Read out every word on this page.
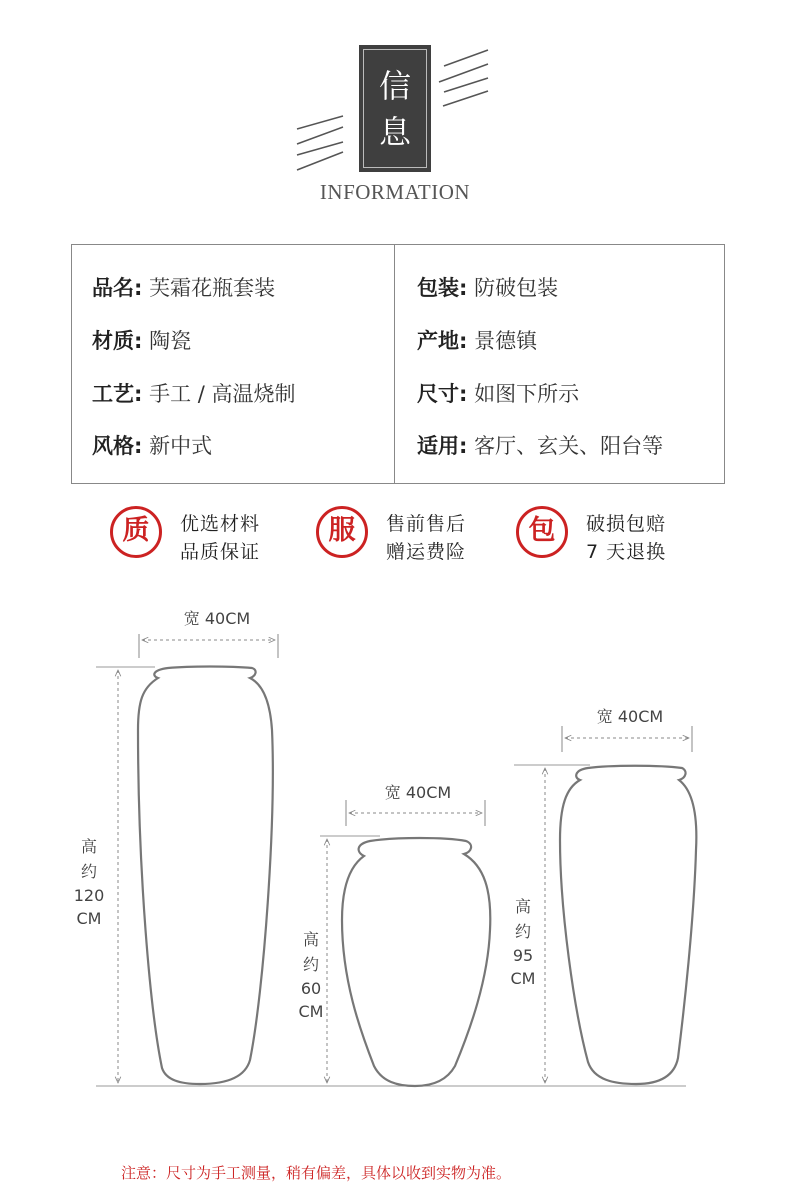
信
息
INFORMATION
品名: 芙霜花瓶套装
材质: 陶瓷
工艺: 手工 / 高温烧制
风格: 新中式
包装: 防破包装
产地: 景德镇
尺寸: 如图下所示
适用: 客厅、玄关、阳台等
质	优选材料
品质保证
服	售前售后
赠运费险
包	破损包赔
7 天退换
宽 40CM
高
约
120
CM
宽 40CM
高
约
60
CM
宽 40CM
高
约
95
CM
注意：尺寸为手工测量，稍有偏差，具体以收到实物为准。
